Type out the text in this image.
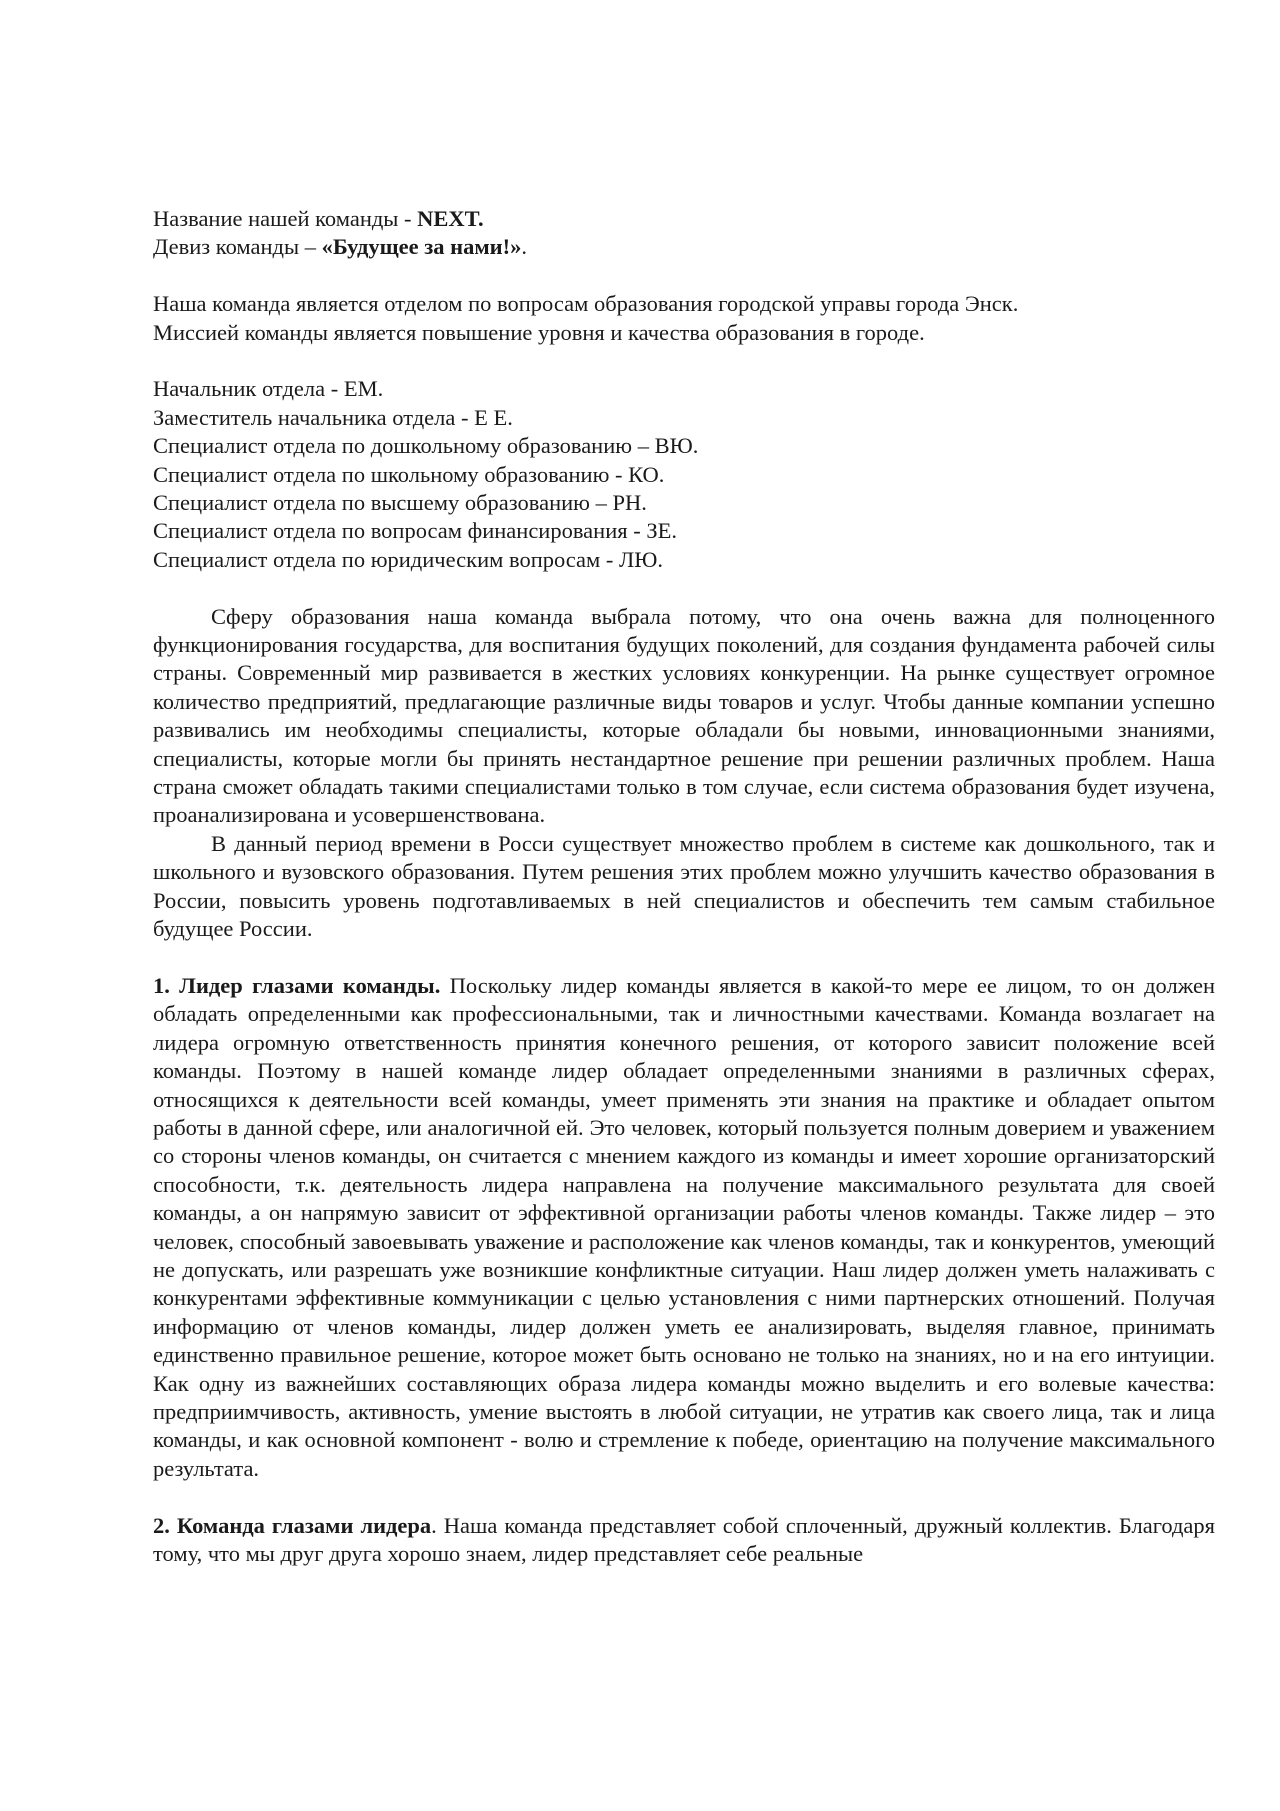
Название нашей команды - NEXT.
Девиз команды – «Будущее за нами!».
Наша команда является отделом по вопросам образования городской управы города Энск.
Миссией команды является повышение уровня и качества образования в городе.
Начальник отдела - ЕМ.
Заместитель начальника отдела - Е Е.
Специалист отдела по дошкольному образованию – ВЮ.
Специалист отдела по школьному образованию - КО.
Специалист отдела по высшему образованию – РН.
Специалист отдела по вопросам финансирования - ЗЕ.
Специалист отдела по юридическим вопросам - ЛЮ.

Сферу образования наша команда выбрала потому, что она очень важна для полноценного функционирования государства, для воспитания будущих поколений, для создания фундамента рабочей силы страны. Современный мир развивается в жестких условиях конкуренции. На рынке существует огромное количество предприятий, предлагающие различные виды товаров и услуг. Чтобы данные компании успешно развивались им необходимы специалисты, которые обладали бы новыми, инновационными знаниями, специалисты, которые могли бы принять нестандартное решение при решении различных проблем. Наша страна сможет обладать такими специалистами только в том случае, если система образования будет изучена, проанализирована и усовершенствована.

В данный период времени в Росси существует множество проблем в системе как дошкольного, так и школьного и вузовского образования. Путем решения этих проблем можно улучшить качество образования в России, повысить уровень подготавливаемых в ней специалистов и обеспечить тем самым стабильное будущее России.

1. Лидер глазами команды. Поскольку лидер команды является в какой-то мере ее лицом, то он должен обладать определенными как профессиональными, так и личностными качествами. Команда возлагает на лидера огромную ответственность принятия конечного решения, от которого зависит положение всей команды. Поэтому в нашей команде лидер обладает определенными знаниями в различных сферах, относящихся к деятельности всей команды, умеет применять эти знания на практике и обладает опытом работы в данной сфере, или аналогичной ей. Это человек, который пользуется полным доверием и уважением со стороны членов команды, он считается с мнением каждого из команды и имеет хорошие организаторский способности, т.к. деятельность лидера направлена на получение максимального результата для своей команды, а он напрямую зависит от эффективной организации работы членов команды. Также лидер – это человек, способный завоевывать уважение и расположение как членов команды, так и конкурентов, умеющий не допускать, или разрешать уже возникшие конфликтные ситуации. Наш лидер должен уметь налаживать с конкурентами эффективные коммуникации с целью установления с ними партнерских отношений. Получая информацию от членов команды, лидер должен уметь ее анализировать, выделяя главное, принимать единственно правильное решение, которое может быть основано не только на знаниях, но и на его интуиции. Как одну из важнейших составляющих образа лидера команды можно выделить и его волевые качества: предприимчивость, активность, умение выстоять в любой ситуации, не утратив как своего лица, так и лица команды, и как основной компонент - волю и стремление к победе, ориентацию на получение максимального результата.

2. Команда глазами лидера. Наша команда представляет собой сплоченный, дружный коллектив. Благодаря тому, что мы друг друга хорошо знаем, лидер представляет себе реальные
